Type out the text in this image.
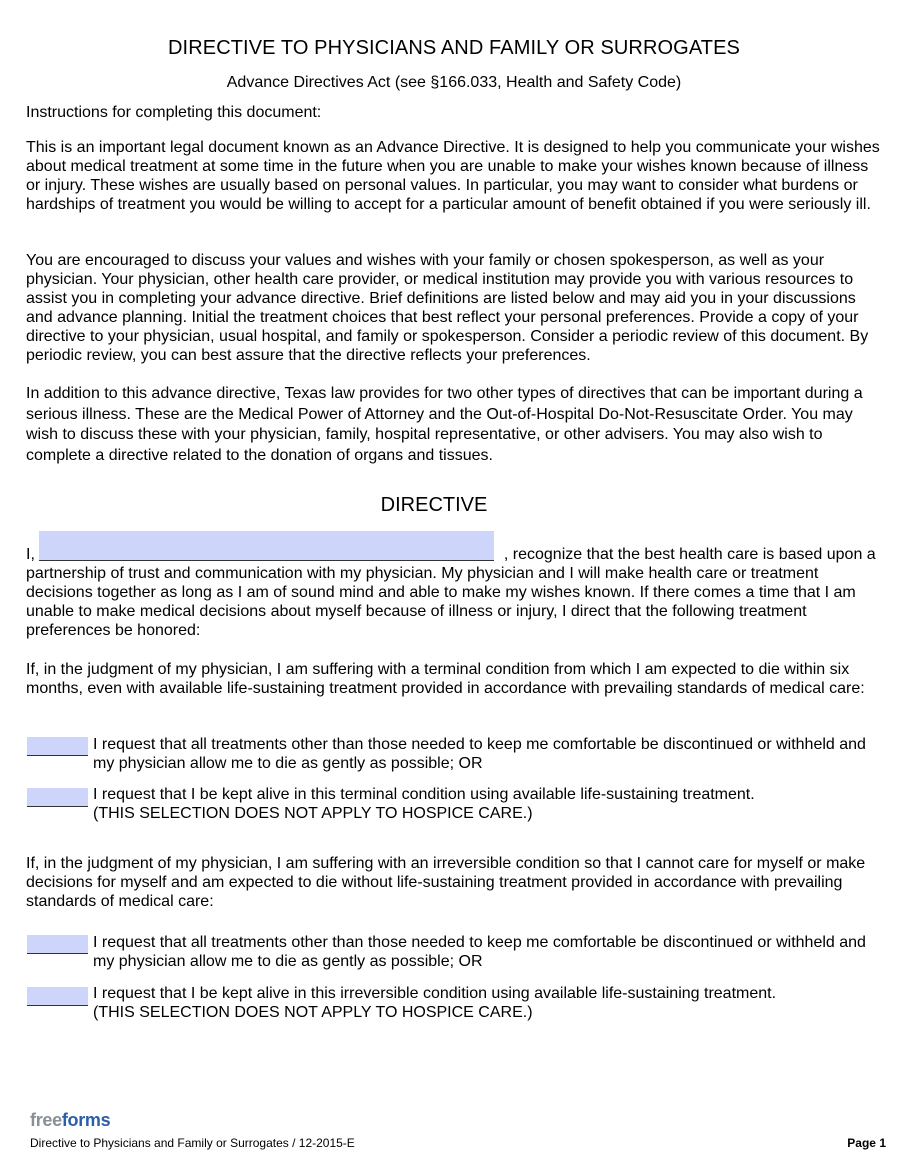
DIRECTIVE TO PHYSICIANS AND FAMILY OR SURROGATES
Advance Directives Act (see §166.033, Health and Safety Code)

Instructions for completing this document:

This is an important legal document known as an Advance Directive. It is designed to help you communicate your wishes about medical treatment at some time in the future when you are unable to make your wishes known because of illness or injury. These wishes are usually based on personal values. In particular, you may want to consider what burdens or hardships of treatment you would be willing to accept for a particular amount of benefit obtained if you were seriously ill.

You are encouraged to discuss your values and wishes with your family or chosen spokesperson, as well as your physician. Your physician, other health care provider, or medical institution may provide you with various resources to assist you in completing your advance directive. Brief definitions are listed below and may aid you in your discussions and advance planning. Initial the treatment choices that best reflect your personal preferences. Provide a copy of your directive to your physician, usual hospital, and family or spokesperson. Consider a periodic review of this document. By periodic review, you can best assure that the directive reflects your preferences.

In addition to this advance directive, Texas law provides for two other types of directives that can be important during a serious illness. These are the Medical Power of Attorney and the Out-of-Hospital Do-Not-Resuscitate Order. You may wish to discuss these with your physician, family, hospital representative, or other advisers. You may also wish to complete a directive related to the donation of organs and tissues.

DIRECTIVE
I,	, recognize that the best health care is based upon a partnership of trust and communication with my physician. My physician and I will make health care or treatment decisions together as long as I am of sound mind and able to make my wishes known. If there comes a time that I am unable to make medical decisions about myself because of illness or injury, I direct that the following treatment preferences be honored:

If, in the judgment of my physician, I am suffering with a terminal condition from which I am expected to die within six months, even with available life-sustaining treatment provided in accordance with prevailing standards of medical care:

I request that all treatments other than those needed to keep me comfortable be discontinued or withheld and my physician allow me to die as gently as possible; OR

I request that I be kept alive in this terminal condition using available life-sustaining treatment.
(THIS SELECTION DOES NOT APPLY TO HOSPICE CARE.)

If, in the judgment of my physician, I am suffering with an irreversible condition so that I cannot care for myself or make decisions for myself and am expected to die without life-sustaining treatment provided in accordance with prevailing standards of medical care:

I request that all treatments other than those needed to keep me comfortable be discontinued or withheld and my physician allow me to die as gently as possible; OR

I request that I be kept alive in this irreversible condition using available life-sustaining treatment.
(THIS SELECTION DOES NOT APPLY TO HOSPICE CARE.)

freeforms
Directive to Physicians and Family or Surrogates / 12-2015-E	Page 1
